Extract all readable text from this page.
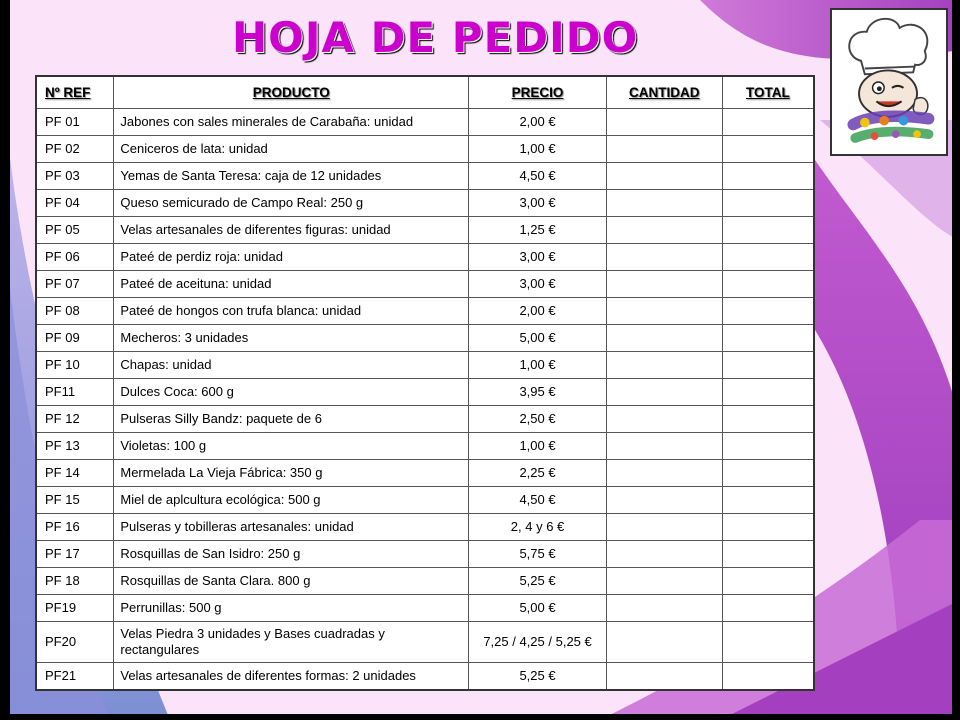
HOJA DE PEDIDO
Nº REF	PRODUCTO	PRECIO	CANTIDAD	TOTAL
PF 01	Jabones con sales minerales de Carabaña: unidad	2,00 €		
PF 02	Ceniceros de lata: unidad	1,00 €		
PF 03	Yemas de Santa Teresa: caja de 12 unidades	4,50 €		
PF 04	Queso semicurado de Campo Real: 250 g	3,00 €		
PF 05	Velas artesanales de diferentes figuras: unidad	1,25 €		
PF 06	Pateé de perdiz roja: unidad	3,00 €		
PF 07	Pateé de aceituna: unidad	3,00 €		
PF 08	Pateé de hongos con trufa blanca: unidad	2,00 €		
PF 09	Mecheros: 3 unidades	5,00 €		
PF 10	Chapas: unidad	1,00 €		
PF11	Dulces Coca: 600 g	3,95 €		
PF 12	Pulseras Silly Bandz: paquete de 6	2,50 €		
PF 13	Violetas: 100 g	1,00 €		
PF 14	Mermelada La Vieja Fábrica: 350 g	2,25 €		
PF 15	Miel de aplcultura ecológica: 500 g	4,50 €		
PF 16	Pulseras y tobilleras artesanales: unidad	2, 4 y 6 €		
PF 17	Rosquillas de San Isidro: 250 g	5,75 €		
PF 18	Rosquillas de Santa Clara. 800 g	5,25 €		
PF19	Perrunillas: 500 g	5,00 €		
PF20	Velas Piedra 3 unidades y Bases cuadradas y rectangulares	7,25 / 4,25 / 5,25 €		
PF21	Velas artesanales de diferentes formas: 2 unidades	5,25 €		
